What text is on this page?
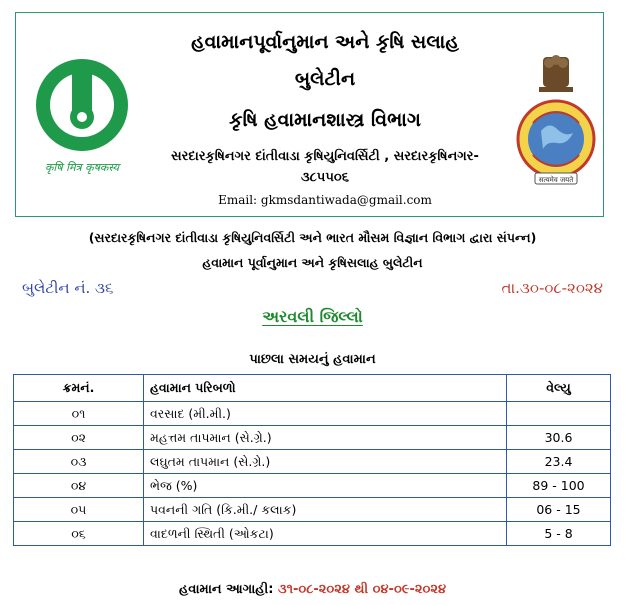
कृषि मित्र कृषकस्य
હવામાનપૂર્વાનુમાન અને કૃષિ સલાહ
બુલેટીન
કૃષિ હવામાનશાસ્ત્ર વિભાગ
સરદારકૃષિનગર દાંતીવાડા કૃષિયુનિવર્સિટી , સરદારકૃષિનગર-
૩૮૫૫૦૬
Email: gkmsdantiwada@gmail.com
सत्यमेव जयते
(સરદારકૃષિનગર દાંતીવાડા કૃષિયુનિવર્સિટી અને ભારત મૌસમ વિજ્ઞાન વિભાગ દ્વારા સંપન્ન)
હવામાન પૂર્વાનુમાન અને કૃષિસલાહ બુલેટીન
બુલેટીન નં. ૩૬	તા.૩૦-૦૮-૨૦૨૪
અરવલી જિલ્લો
પાછલા સમયનું હવામાન
ક્રમનં.	હવામાન પરિબળો	વેલ્યુ
૦૧	વરસાદ (મી.મી.)	
૦૨	મહત્તમ તાપમાન (સે.ગ્રે.)	30.6
૦૩	લઘુતમ તાપમાન (સે.ગ્રે.)	23.4
૦૪	ભેજ (%)	89 - 100
૦૫	પવનની ગતિ (કિ.મી./ કલાક)	06 - 15
૦૬	વાદળની સ્થિતી (ઓકટા)	5 - 8
હવામાન આગાહી: ૩૧-૦૮-૨૦૨૪ થી ૦૪-૦૯-૨૦૨૪
